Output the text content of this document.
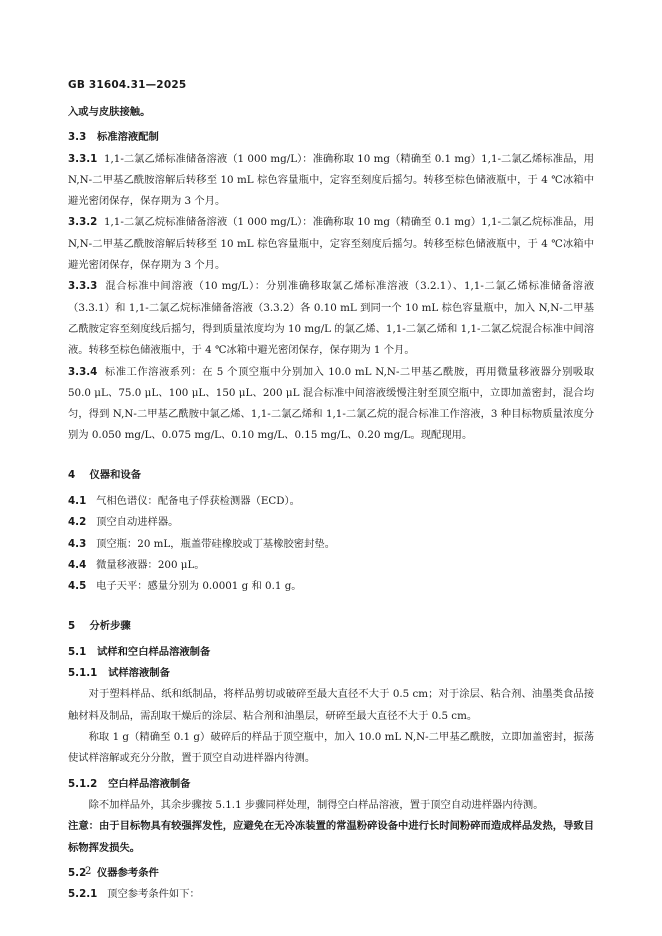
GB 31604.31—2025

入或与皮肤接触。

3.3 标准溶液配制

3.3.1 1,1-二氯乙烯标准储备溶液（1 000 mg/L）：准确称取 10 mg（精确至 0.1 mg）1,1-二氯乙烯标准品，用 N,N-二甲基乙酰胺溶解后转移至 10 mL 棕色容量瓶中，定容至刻度后摇匀。转移至棕色储液瓶中，于 4 ℃冰箱中避光密闭保存，保存期为 3 个月。

3.3.2 1,1-二氯乙烷标准储备溶液（1 000 mg/L）：准确称取 10 mg（精确至 0.1 mg）1,1-二氯乙烷标准品，用 N,N-二甲基乙酰胺溶解后转移至 10 mL 棕色容量瓶中，定容至刻度后摇匀。转移至棕色储液瓶中，于 4 ℃冰箱中避光密闭保存，保存期为 3 个月。

3.3.3 混合标准中间溶液（10 mg/L）：分别准确移取氯乙烯标准溶液（3.2.1）、1,1-二氯乙烯标准储备溶液（3.3.1）和 1,1-二氯乙烷标准储备溶液（3.3.2）各 0.10 mL 到同一个 10 mL 棕色容量瓶中，加入 N,N-二甲基乙酰胺定容至刻度线后摇匀，得到质量浓度均为 10 mg/L 的氯乙烯、1,1-二氯乙烯和 1,1-二氯乙烷混合标准中间溶液。转移至棕色储液瓶中，于 4 ℃冰箱中避光密闭保存，保存期为 1 个月。

3.3.4 标准工作溶液系列：在 5 个顶空瓶中分别加入 10.0 mL N,N-二甲基乙酰胺，再用微量移液器分别吸取 50.0 μL、75.0 μL、100 μL、150 μL、200 μL 混合标准中间溶液缓慢注射至顶空瓶中，立即加盖密封，混合均匀，得到 N,N-二甲基乙酰胺中氯乙烯、1,1-二氯乙烯和 1,1-二氯乙烷的混合标准工作溶液，3 种目标物质量浓度分别为 0.050 mg/L、0.075 mg/L、0.10 mg/L、0.15 mg/L、0.20 mg/L。现配现用。

4 仪器和设备

4.1 气相色谱仪：配备电子俘获检测器（ECD）。

4.2 顶空自动进样器。

4.3 顶空瓶：20 mL，瓶盖带硅橡胶或丁基橡胶密封垫。

4.4 微量移液器：200 μL。

4.5 电子天平：感量分别为 0.0001 g 和 0.1 g。

5 分析步骤
5.1 试样和空白样品溶液制备
5.1.1 试样溶液制备

对于塑料样品、纸和纸制品，将样品剪切或破碎至最大直径不大于 0.5 cm；对于涂层、粘合剂、油墨类食品接触材料及制品，需刮取干燥后的涂层、粘合剂和油墨层，研碎至最大直径不大于 0.5 cm。

称取 1 g（精确至 0.1 g）破碎后的样品于顶空瓶中，加入 10.0 mL N,N-二甲基乙酰胺，立即加盖密封，振荡使试样溶解或充分分散，置于顶空自动进样器内待测。

5.1.2 空白样品溶液制备

除不加样品外，其余步骤按 5.1.1 步骤同样处理，制得空白样品溶液，置于顶空自动进样器内待测。

注意：由于目标物具有较强挥发性，应避免在无冷冻装置的常温粉碎设备中进行长时间粉碎而造成样品发热，导致目标物挥发损失。

5.2 仪器参考条件

5.2.1 顶空参考条件如下：

2
